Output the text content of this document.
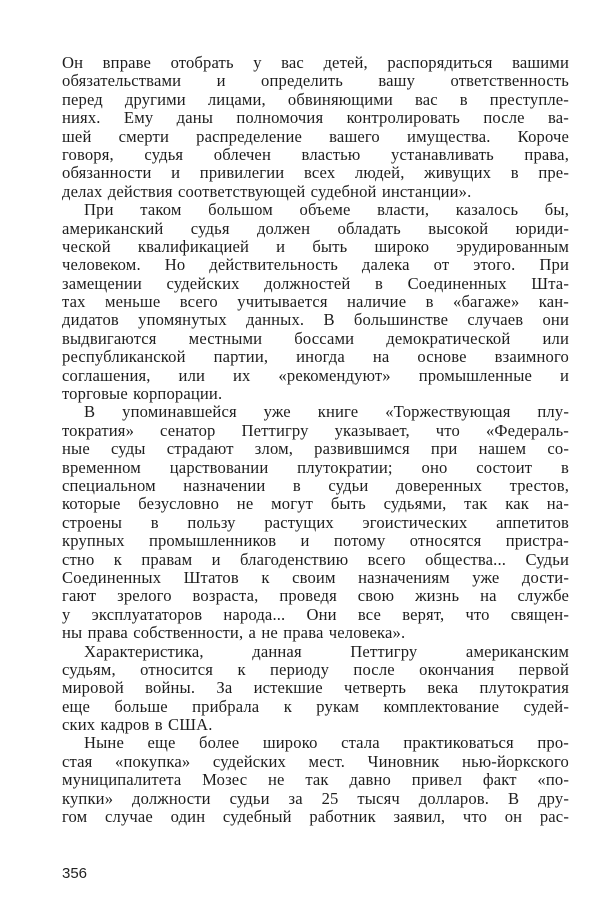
Он вправе отобрать у вас детей, распорядиться вашими
обязательствами и определить вашу ответственность
перед другими лицами, обвиняющими вас в преступле-
ниях. Ему даны полномочия контролировать после ва-
шей смерти распределение вашего имущества. Короче
говоря, судья облечен властью устанавливать права,
обязанности и привилегии всех людей, живущих в пре-
делах действия соответствующей судебной инстанции».
При таком большом объеме власти, казалось бы,
американский судья должен обладать высокой юриди-
ческой квалификацией и быть широко эрудированным
человеком. Но действительность далека от этого. При
замещении судейских должностей в Соединенных Шта-
тах меньше всего учитывается наличие в «багаже» кан-
дидатов упомянутых данных. В большинстве случаев они
выдвигаются местными боссами демократической или
республиканской партии, иногда на основе взаимного
соглашения, или их «рекомендуют» промышленные и
торговые корпорации.
В упоминавшейся уже книге «Торжествующая плу-
тократия» сенатор Петтигру указывает, что «Федераль-
ные суды страдают злом, развившимся при нашем со-
временном царствовании плутократии; оно состоит в
специальном назначении в судьи доверенных трестов,
которые безусловно не могут быть судьями, так как на-
строены в пользу растущих эгоистических аппетитов
крупных промышленников и потому относятся пристра-
стно к правам и благоденствию всего общества... Судьи
Соединенных Штатов к своим назначениям уже дости-
гают зрелого возраста, проведя свою жизнь на службе
у эксплуататоров народа... Они все верят, что священ-
ны права собственности, а не права человека».
Характеристика, данная Петтигру американским
судьям, относится к периоду после окончания первой
мировой войны. За истекшие четверть века плутократия
еще больше прибрала к рукам комплектование судей-
ских кадров в США.
Ныне еще более широко стала практиковаться про-
стая «покупка» судейских мест. Чиновник нью-йоркского
муниципалитета Мозес не так давно привел факт «по-
купки» должности судьи за 25 тысяч долларов. В дру-
гом случае один судебный работник заявил, что он рас-
356
